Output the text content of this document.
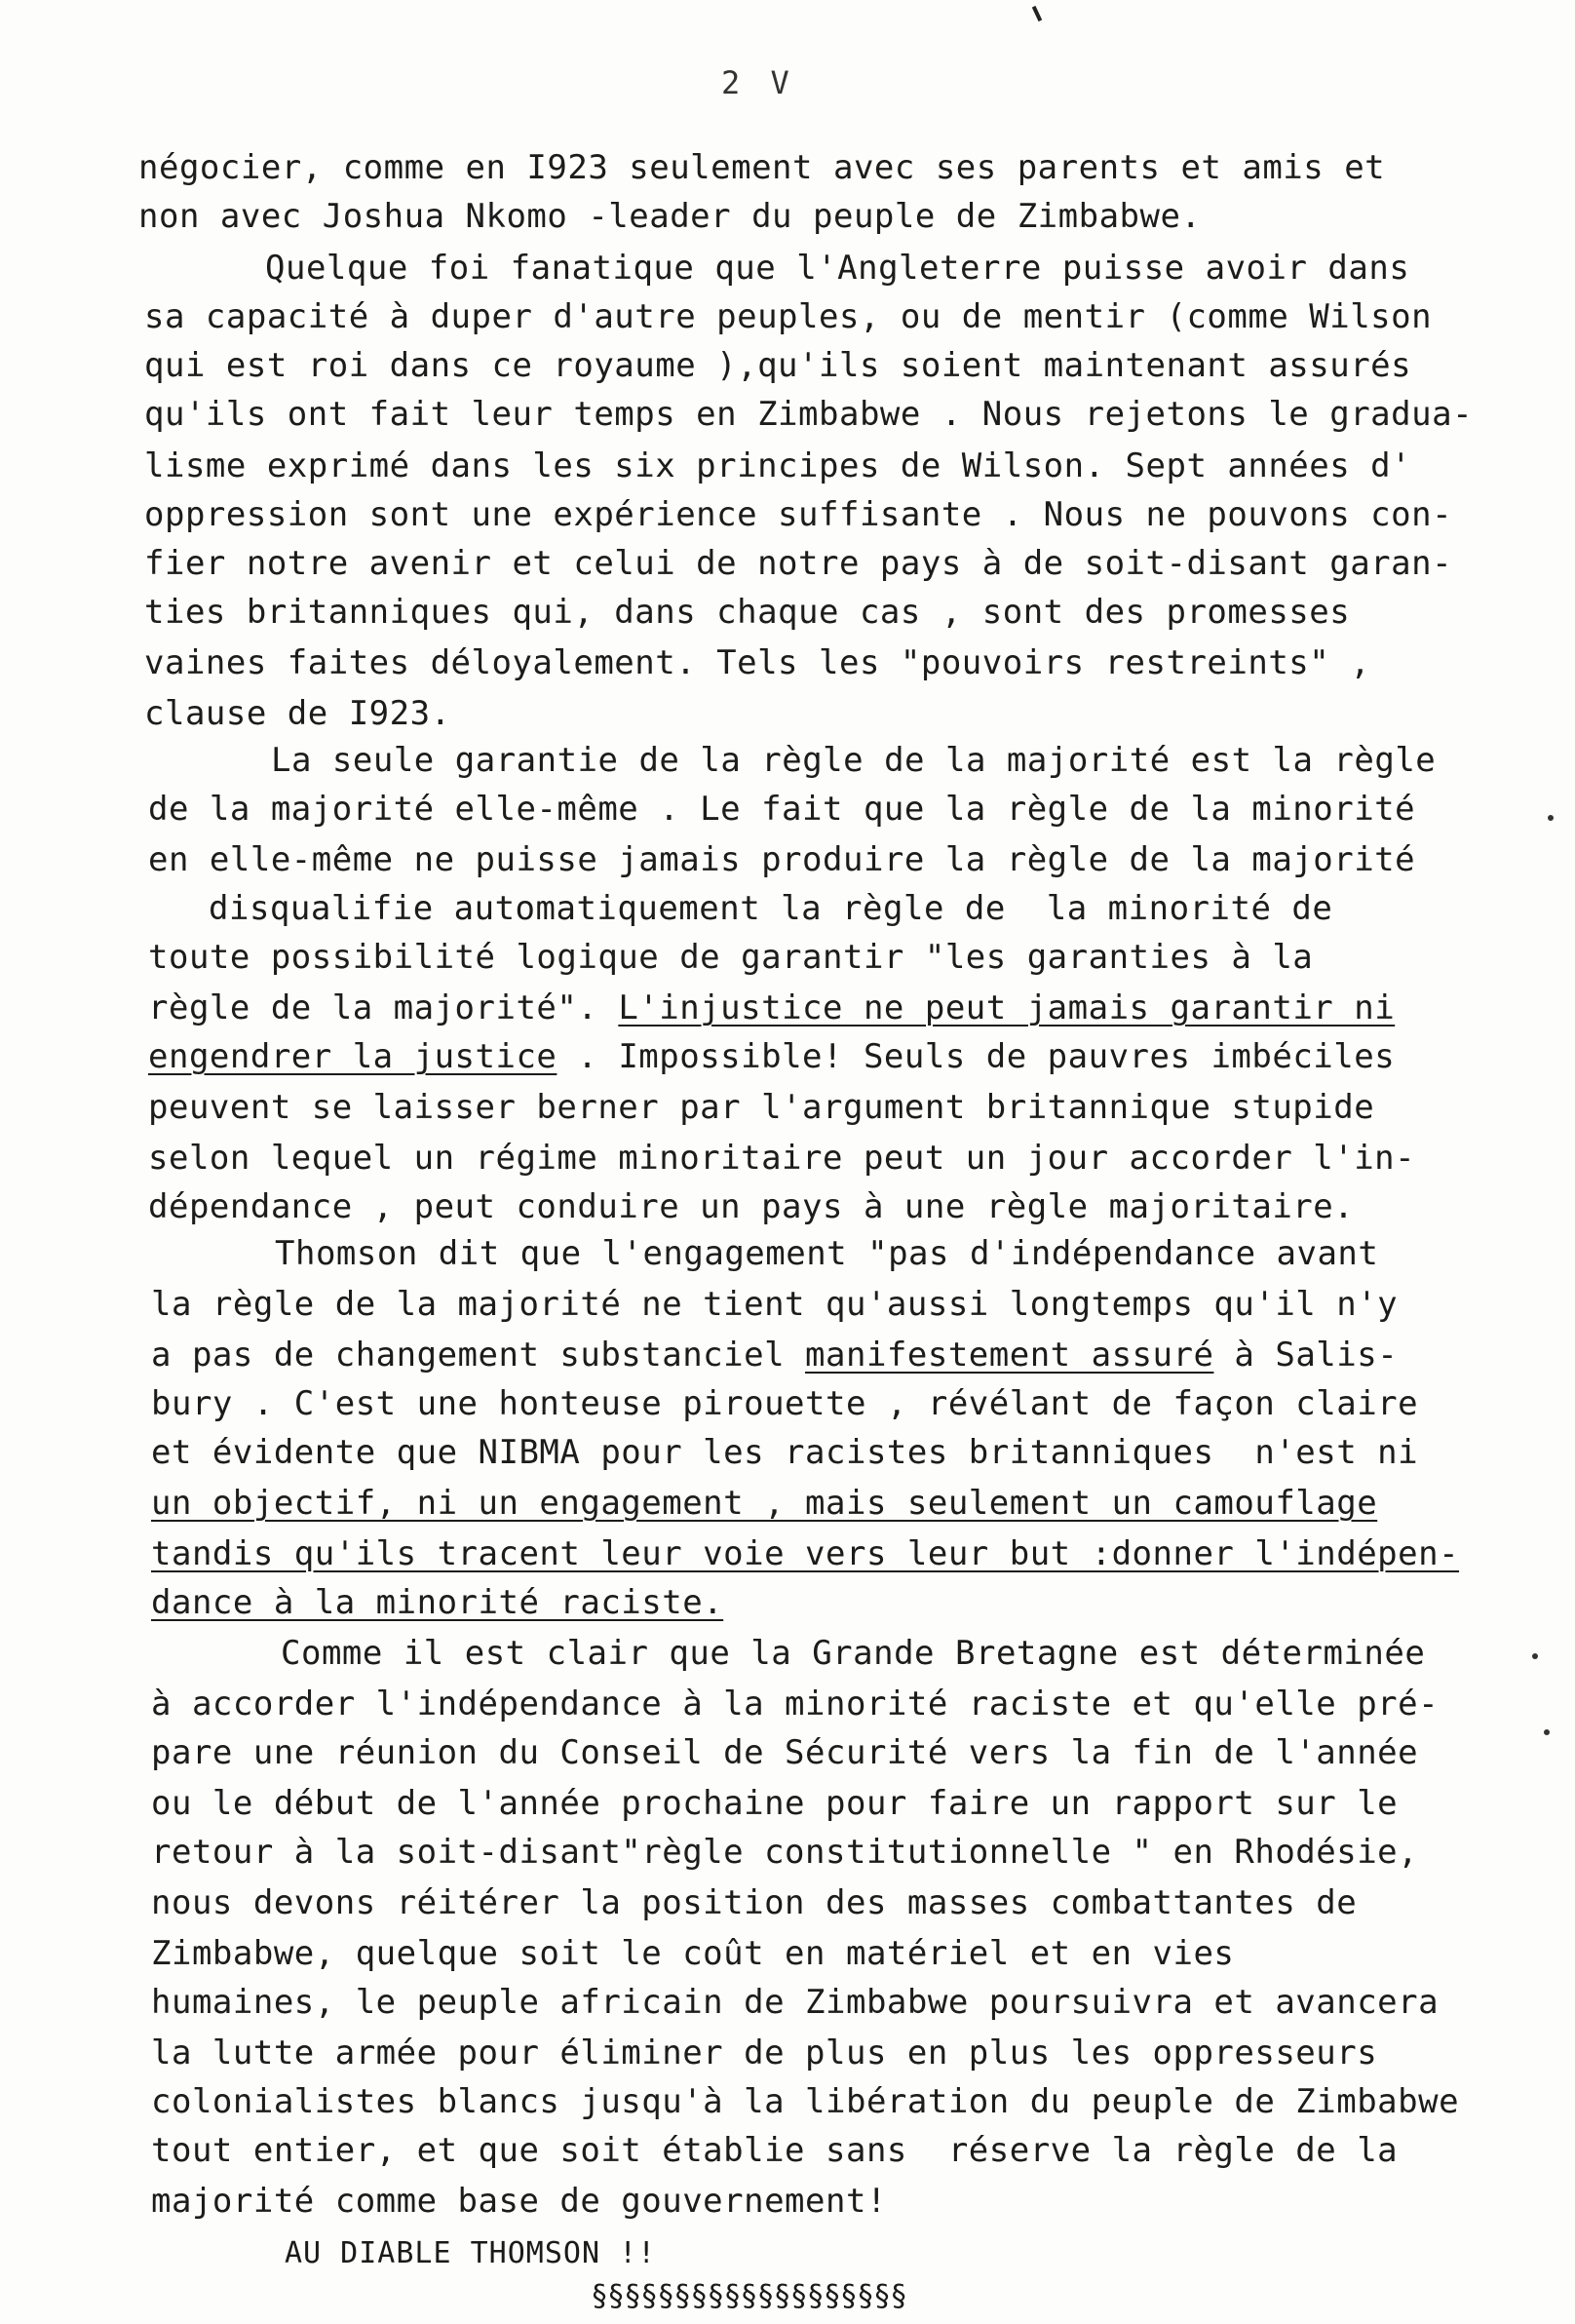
2 V
négocier, comme en I923 seulement avec ses parents et amis et
non avec Joshua Nkomo -leader du peuple de Zimbabwe.
Quelque foi fanatique que l'Angleterre puisse avoir dans
sa capacité à duper d'autre peuples, ou de mentir (comme Wilson
qui est roi dans ce royaume ),qu'ils soient maintenant assurés
qu'ils ont fait leur temps en Zimbabwe . Nous rejetons le gradua-
lisme exprimé dans les six principes de Wilson. Sept années d'
oppression sont une expérience suffisante . Nous ne pouvons con-
fier notre avenir et celui de notre pays à de soit-disant garan-
ties britanniques qui, dans chaque cas , sont des promesses
vaines faites déloyalement. Tels les "pouvoirs restreints" ,
clause de I923.
La seule garantie de la règle de la majorité est la règle
de la majorité elle-même . Le fait que la règle de la minorité
en elle-même ne puisse jamais produire la règle de la majorité
disqualifie automatiquement la règle de  la minorité de
toute possibilité logique de garantir "les garanties à la
règle de la majorité". L'injustice ne peut jamais garantir ni
engendrer la justice . Impossible! Seuls de pauvres imbéciles
peuvent se laisser berner par l'argument britannique stupide
selon lequel un régime minoritaire peut un jour accorder l'in-
dépendance , peut conduire un pays à une règle majoritaire.
Thomson dit que l'engagement "pas d'indépendance avant
la règle de la majorité ne tient qu'aussi longtemps qu'il n'y
a pas de changement substanciel manifestement assuré à Salis-
bury . C'est une honteuse pirouette , révélant de façon claire
et évidente que NIBMA pour les racistes britanniques  n'est ni
un objectif, ni un engagement , mais seulement un camouflage
tandis qu'ils tracent leur voie vers leur but :donner l'indépen-
dance à la minorité raciste.
Comme il est clair que la Grande Bretagne est déterminée
à accorder l'indépendance à la minorité raciste et qu'elle pré-
pare une réunion du Conseil de Sécurité vers la fin de l'année
ou le début de l'année prochaine pour faire un rapport sur le
retour à la soit-disant"règle constitutionnelle " en Rhodésie,
nous devons réitérer la position des masses combattantes de
Zimbabwe, quelque soit le coût en matériel et en vies
humaines, le peuple africain de Zimbabwe poursuivra et avancera
la lutte armée pour éliminer de plus en plus les oppresseurs
colonialistes blancs jusqu'à la libération du peuple de Zimbabwe
tout entier, et que soit établie sans  réserve la règle de la
majorité comme base de gouvernement!
AU DIABLE THOMSON !!
§§§§§§§§§§§§§§§§§§§
